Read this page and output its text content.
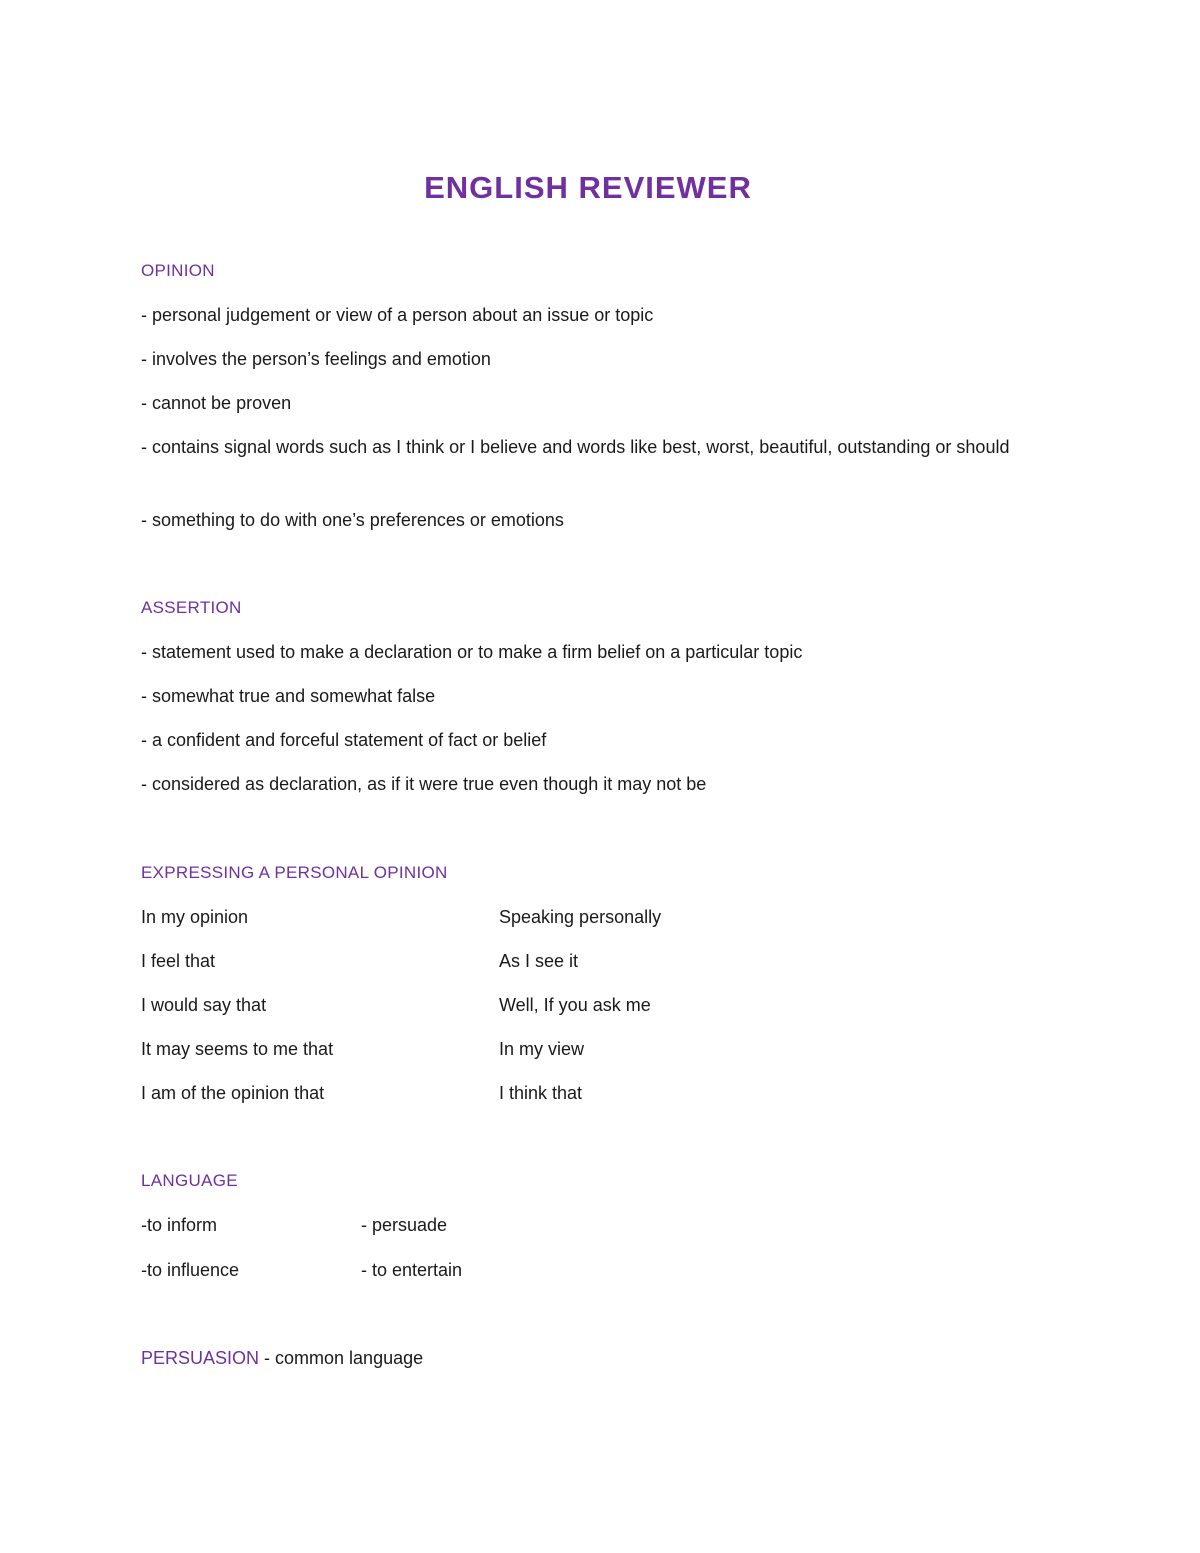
ENGLISH REVIEWER
OPINION
- personal judgement or view of a person about an issue or topic
- involves the person’s feelings and emotion
- cannot be proven
- contains signal words such as I think or I believe and words like best, worst, beautiful, outstanding or should
- something to do with one’s preferences or emotions
ASSERTION
- statement used to make a declaration or to make a firm belief on a particular topic
- somewhat true and somewhat false
- a confident and forceful statement of fact or belief
- considered as declaration, as if it were true even though it may not be
EXPRESSING A PERSONAL OPINION
In my opinion	Speaking personally
I feel that	As I see it
I would say that	Well, If you ask me
It may seems to me that	In my view
I am of the opinion that	I think that
LANGUAGE
-to inform	- persuade
-to influence	- to entertain
PERSUASION - common language
